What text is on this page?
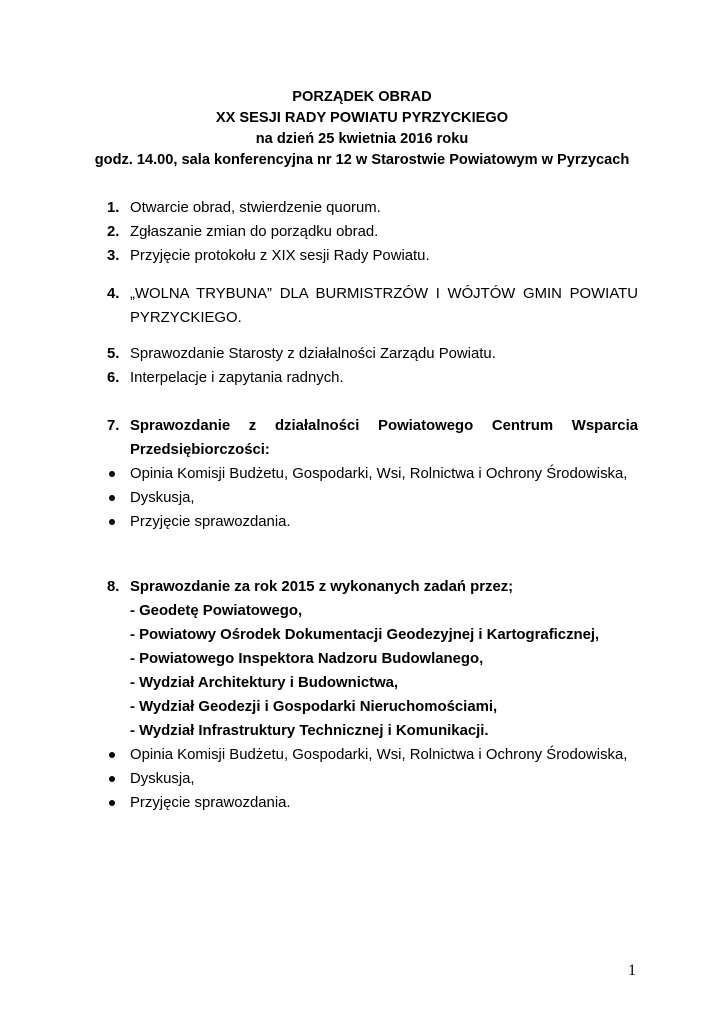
PORZĄDEK OBRAD
XX SESJI RADY POWIATU PYRZYCKIEGO
na dzień 25 kwietnia 2016 roku
godz. 14.00, sala konferencyjna nr 12 w Starostwie Powiatowym w Pyrzycach
1. Otwarcie obrad, stwierdzenie quorum.
2. Zgłaszanie zmian do porządku obrad.
3. Przyjęcie protokołu z XIX sesji Rady Powiatu.
4. „WOLNA TRYBUNA” DLA BURMISTRZÓW I WÓJTÓW GMIN POWIATU PYRZYCKIEGO.
5. Sprawozdanie Starosty z działalności Zarządu Powiatu.
6. Interpelacje i zapytania radnych.
7. Sprawozdanie z działalności Powiatowego Centrum Wsparcia Przedsiębiorczości:
Opinia Komisji Budżetu, Gospodarki, Wsi, Rolnictwa i Ochrony Środowiska,
Dyskusja,
Przyjęcie sprawozdania.
8. Sprawozdanie za rok 2015 z wykonanych zadań przez;
- Geodetę Powiatowego,
- Powiatowy Ośrodek Dokumentacji Geodezyjnej i Kartograficznej,
- Powiatowego Inspektora Nadzoru Budowlanego,
- Wydział Architektury i Budownictwa,
- Wydział Geodezji i Gospodarki Nieruchomościami,
- Wydział Infrastruktury Technicznej i Komunikacji.
Opinia Komisji Budżetu, Gospodarki, Wsi, Rolnictwa i Ochrony Środowiska,
Dyskusja,
Przyjęcie sprawozdania.
1
